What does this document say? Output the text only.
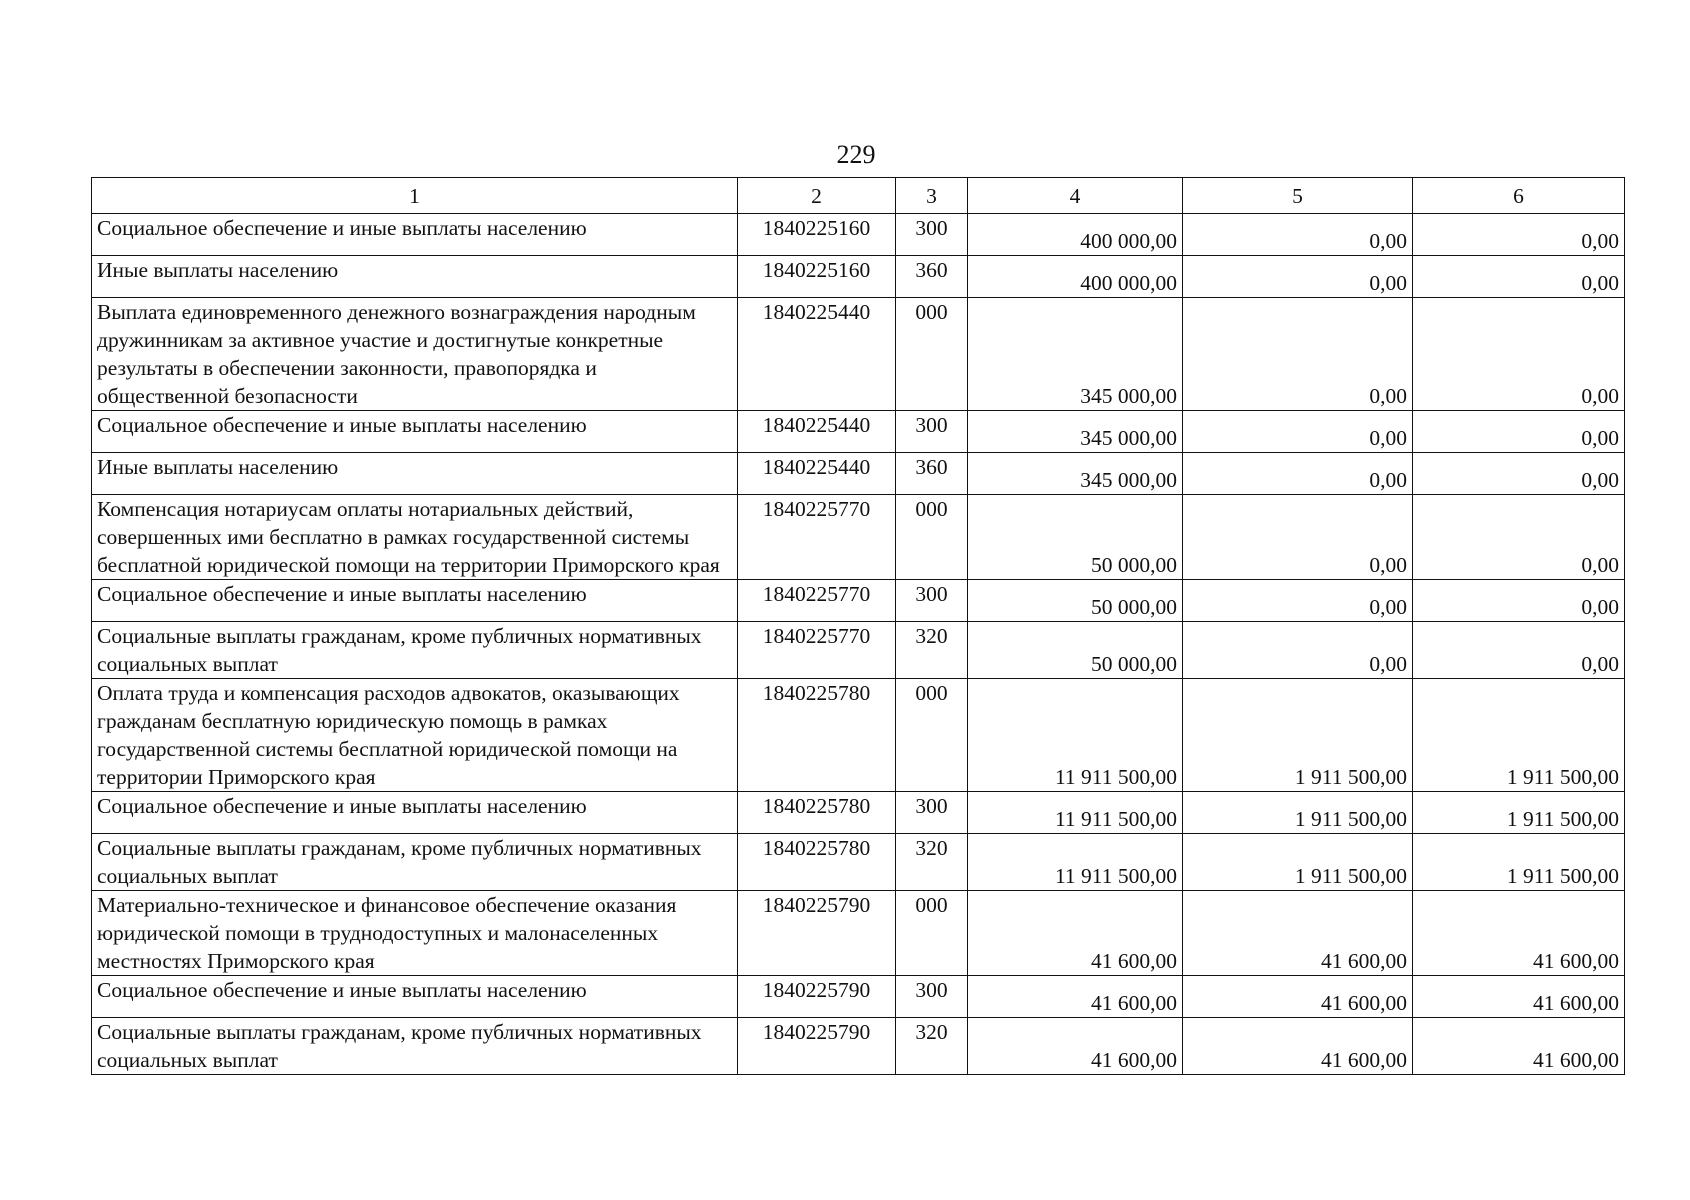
229
1	2	3	4	5	6
Социальное обеспечение и иные выплаты населению	1840225160	300	400 000,00	0,00	0,00
Иные выплаты населению	1840225160	360	400 000,00	0,00	0,00
Выплата единовременного денежного вознаграждения народным дружинникам за активное участие и достигнутые конкретные результаты в обеспечении законности, правопорядка и общественной безопасности	1840225440	000	345 000,00	0,00	0,00
Социальное обеспечение и иные выплаты населению	1840225440	300	345 000,00	0,00	0,00
Иные выплаты населению	1840225440	360	345 000,00	0,00	0,00
Компенсация нотариусам оплаты нотариальных действий, совершенных ими бесплатно в рамках государственной системы бесплатной юридической помощи на территории Приморского края	1840225770	000	50 000,00	0,00	0,00
Социальное обеспечение и иные выплаты населению	1840225770	300	50 000,00	0,00	0,00
Социальные выплаты гражданам, кроме публичных нормативных социальных выплат	1840225770	320	50 000,00	0,00	0,00
Оплата труда и компенсация расходов адвокатов, оказывающих гражданам бесплатную юридическую помощь в рамках государственной системы бесплатной юридической помощи на территории Приморского края	1840225780	000	11 911 500,00	1 911 500,00	1 911 500,00
Социальное обеспечение и иные выплаты населению	1840225780	300	11 911 500,00	1 911 500,00	1 911 500,00
Социальные выплаты гражданам, кроме публичных нормативных социальных выплат	1840225780	320	11 911 500,00	1 911 500,00	1 911 500,00
Материально-техническое и финансовое обеспечение оказания юридической помощи в труднодоступных и малонаселенных местностях Приморского края	1840225790	000	41 600,00	41 600,00	41 600,00
Социальное обеспечение и иные выплаты населению	1840225790	300	41 600,00	41 600,00	41 600,00
Социальные выплаты гражданам, кроме публичных нормативных социальных выплат	1840225790	320	41 600,00	41 600,00	41 600,00
